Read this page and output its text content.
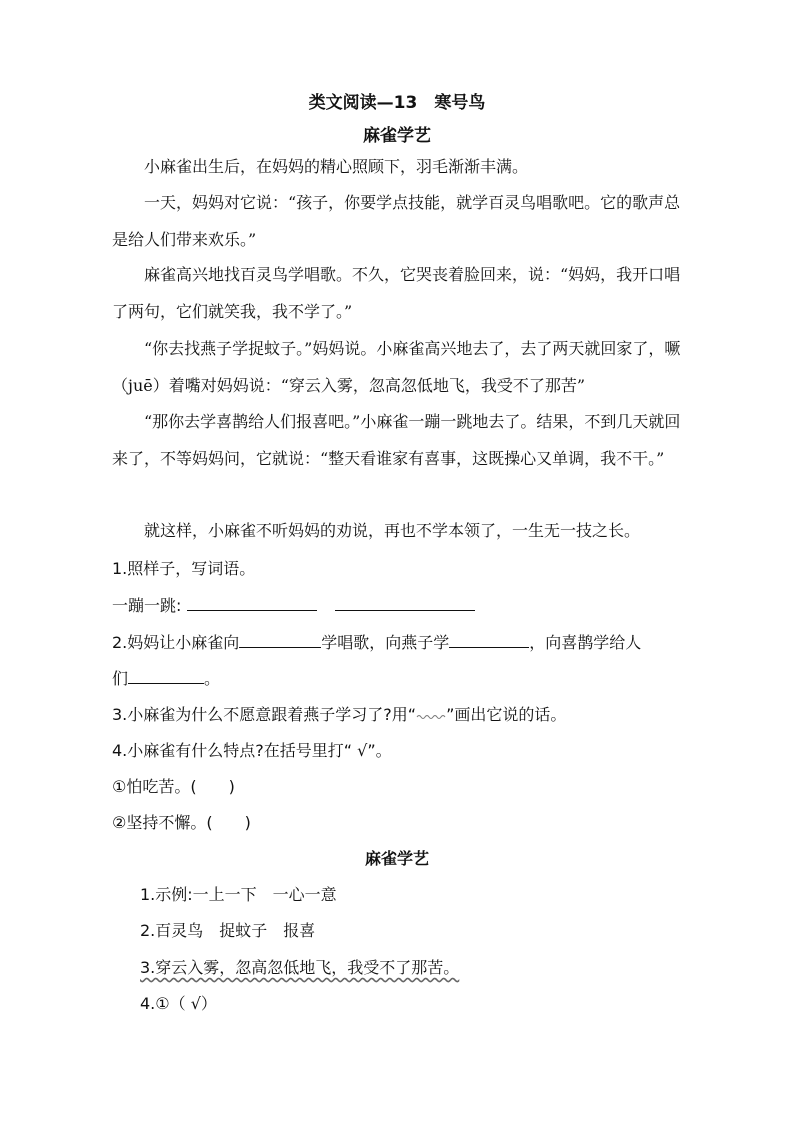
类文阅读—13　寒号鸟
麻雀学艺
小麻雀出生后，在妈妈的精心照顾下，羽毛渐渐丰满。
一天，妈妈对它说：“孩子，你要学点技能，就学百灵鸟唱歌吧。它的歌声总是给人们带来欢乐。”
麻雀高兴地找百灵鸟学唱歌。不久，它哭丧着脸回来，说：“妈妈，我开口唱了两句，它们就笑我，我不学了。”
“你去找燕子学捉蚊子。”妈妈说。小麻雀高兴地去了，去了两天就回家了，噘（juē）着嘴对妈妈说：“穿云入雾，忽高忽低地飞，我受不了那苦”
“那你去学喜鹊给人们报喜吧。”小麻雀一蹦一跳地去了。结果，不到几天就回来了，不等妈妈问，它就说：“整天看谁家有喜事，这既操心又单调，我不干。”
就这样，小麻雀不听妈妈的劝说，再也不学本领了，一生无一技之长。
1.照样子，写词语。
一蹦一跳:
2.妈妈让小麻雀向	学唱歌，向燕子学	，向喜鹊学给人
们	。
3.小麻雀为什么不愿意跟着燕子学习了?用“ ”画出它说的话。
4.小麻雀有什么特点?在括号里打“ √”。
①怕吃苦。(　　)
②坚持不懈。(　　)
麻雀学艺
1.示例:一上一下　一心一意
2.百灵鸟　捉蚊子　报喜
3.穿云入雾，忽高忽低地飞，我受不了那苦。
4.①（ √）
